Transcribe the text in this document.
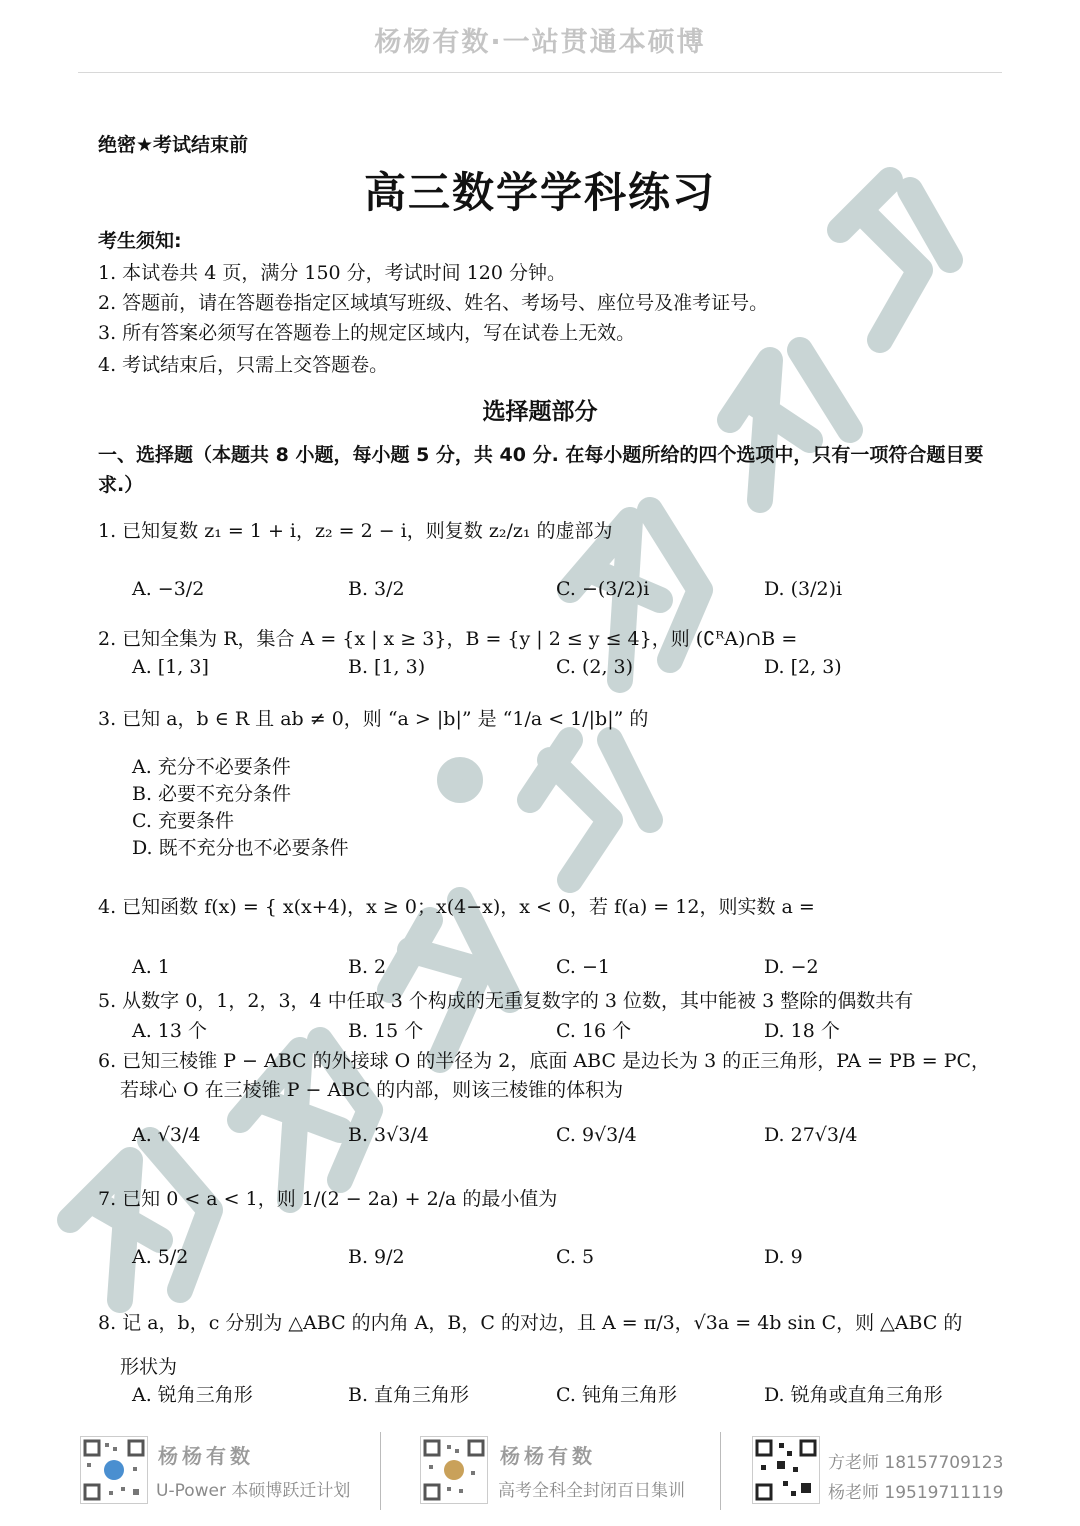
杨杨有数·一站贯通本硕博
绝密★考试结束前
高三数学学科练习
考生须知:
1. 本试卷共 4 页，满分 150 分，考试时间 120 分钟。
2. 答题前，请在答题卷指定区域填写班级、姓名、考场号、座位号及准考证号。
3. 所有答案必须写在答题卷上的规定区域内，写在试卷上无效。
4. 考试结束后，只需上交答题卷。
选择题部分
一、选择题（本题共 8 小题，每小题 5 分，共 40 分. 在每小题所给的四个选项中，只有一项符合题目要求.）
1. 已知复数 z₁ = 1 + i，z₂ = 2 − i，则复数 z₂/z₁ 的虚部为
A. −3/2	B. 3/2	C. −(3/2)i	D. (3/2)i
2. 已知全集为 R，集合 A = {x | x ≥ 3}，B = {y | 2 ≤ y ≤ 4}，则 (∁ᴿA)∩B =
A. [1, 3]	B. [1, 3)	C. (2, 3)	D. [2, 3)
3. 已知 a，b ∈ R 且 ab ≠ 0，则 “a > |b|” 是 “1/a < 1/|b|” 的
A. 充分不必要条件
B. 必要不充分条件
C. 充要条件
D. 既不充分也不必要条件
4. 已知函数 f(x) = { x(x+4)，x ≥ 0；x(4−x)，x < 0，若 f(a) = 12，则实数 a =
A. 1	B. 2	C. −1	D. −2
5. 从数字 0，1，2，3，4 中任取 3 个构成的无重复数字的 3 位数，其中能被 3 整除的偶数共有
A. 13 个	B. 15 个	C. 16 个	D. 18 个
6. 已知三棱锥 P − ABC 的外接球 O 的半径为 2，底面 ABC 是边长为 3 的正三角形，PA = PB = PC，
若球心 O 在三棱锥 P − ABC 的内部，则该三棱锥的体积为
A. √3/4	B. 3√3/4	C. 9√3/4	D. 27√3/4
7. 已知 0 < a < 1，则 1/(2 − 2a) + 2/a 的最小值为
A. 5/2	B. 9/2	C. 5	D. 9
8. 记 a，b，c 分别为 △ABC 的内角 A，B，C 的对边，且 A = π/3，√3a = 4b sin C，则 △ABC 的
形状为
A. 锐角三角形	B. 直角三角形	C. 钝角三角形	D. 锐角或直角三角形
杨杨有数
U-Power 本硕博跃迁计划
杨杨有数
高考全科全封闭百日集训
方老师 18157709123
杨老师 19519711119
